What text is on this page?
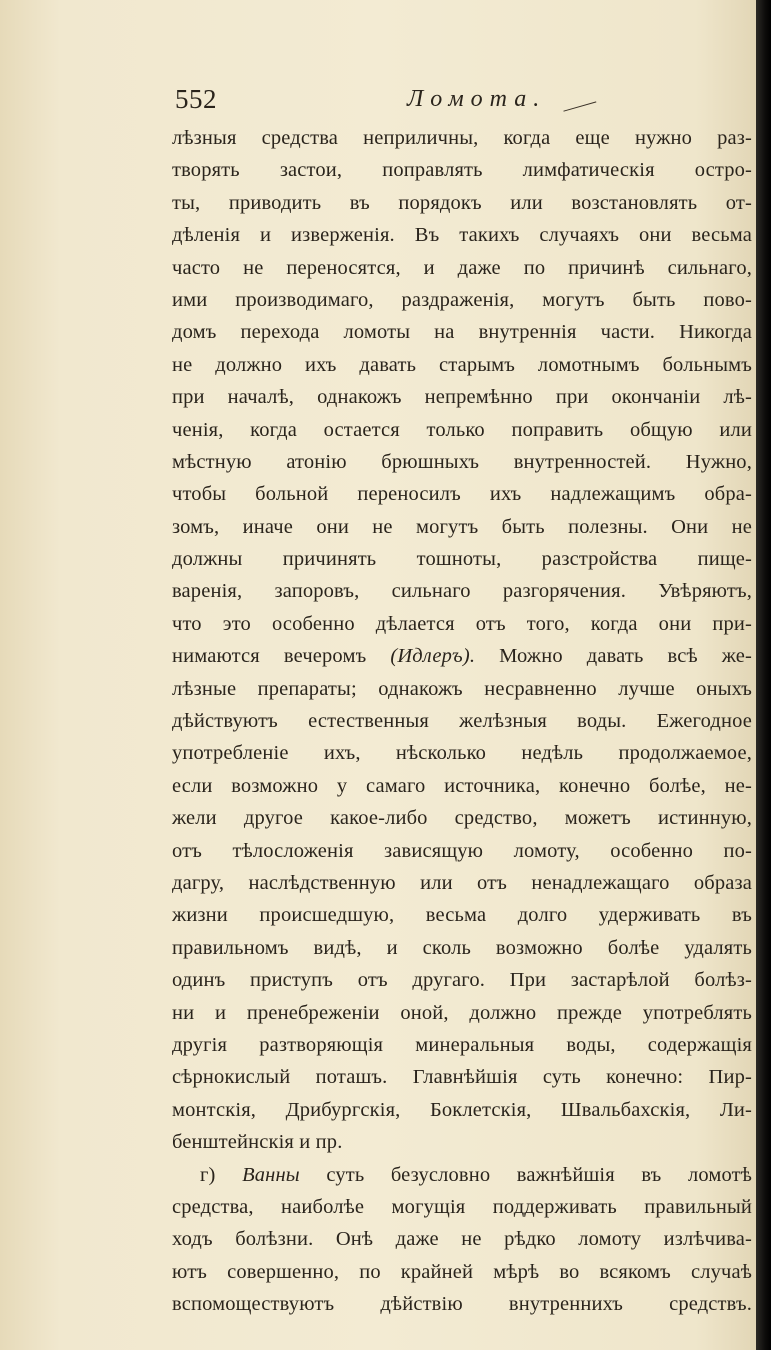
552	Ломота.
лѣзныя средства неприличны, когда еще нужно раз-
творять застои, поправлять лимфатическія остро-
ты, приводить въ порядокъ или возстановлять от-
дѣленія и изверженія. Въ такихъ случаяхъ они весьма
часто не переносятся, и даже по причинѣ сильнаго,
ими производимаго, раздраженія, могутъ быть пово-
домъ перехода ломоты на внутреннія части. Никогда
не должно ихъ давать старымъ ломотнымъ больнымъ
при началѣ, однакожъ непремѣнно при окончаніи лѣ-
ченія, когда остается только поправить общую или
мѣстную атонію брюшныхъ внутренностей. Нужно,
чтобы больной переносилъ ихъ надлежащимъ обра-
зомъ, иначе они не могутъ быть полезны. Они не
должны причинять тошноты, разстройства пище-
варенія, запоровъ, сильнаго разгорячения. Увѣряютъ,
что это особенно дѣлается отъ того, когда они при-
нимаются вечеромъ (Идлеръ). Можно давать всѣ же-
лѣзные препараты; однакожъ несравненно лучше оныхъ
дѣйствуютъ естественныя желѣзныя воды. Ежегодное
употребленіе ихъ, нѣсколько недѣль продолжаемое,
если возможно у самаго источника, конечно болѣе, не-
жели другое какое-либо средство, можетъ истинную,
отъ тѣлосложенія зависящую ломоту, особенно по-
дагру, наслѣдственную или отъ ненадлежащаго образа
жизни происшедшую, весьма долго удерживать въ
правильномъ видѣ, и сколь возможно болѣе удалять
одинъ приступъ отъ другаго. При застарѣлой болѣз-
ни и пренебреженіи оной, должно прежде употреблять
другія разтворяющія минеральныя воды, содержащія
сѣрнокислый поташъ. Главнѣйшія суть конечно: Пир-
монтскія, Дрибургскія, Боклетскія, Швальбахскія, Ли-
бенштейнскія и пр.
г) Ванны суть безусловно важнѣйшія въ ломотѣ
средства, наиболѣе могущія поддерживать правильный
ходъ болѣзни. Онѣ даже не рѣдко ломоту излѣчива-
ютъ совершенно, по крайней мѣрѣ во всякомъ случаѣ
вспомоществуютъ дѣйствію внутреннихъ средствъ.
